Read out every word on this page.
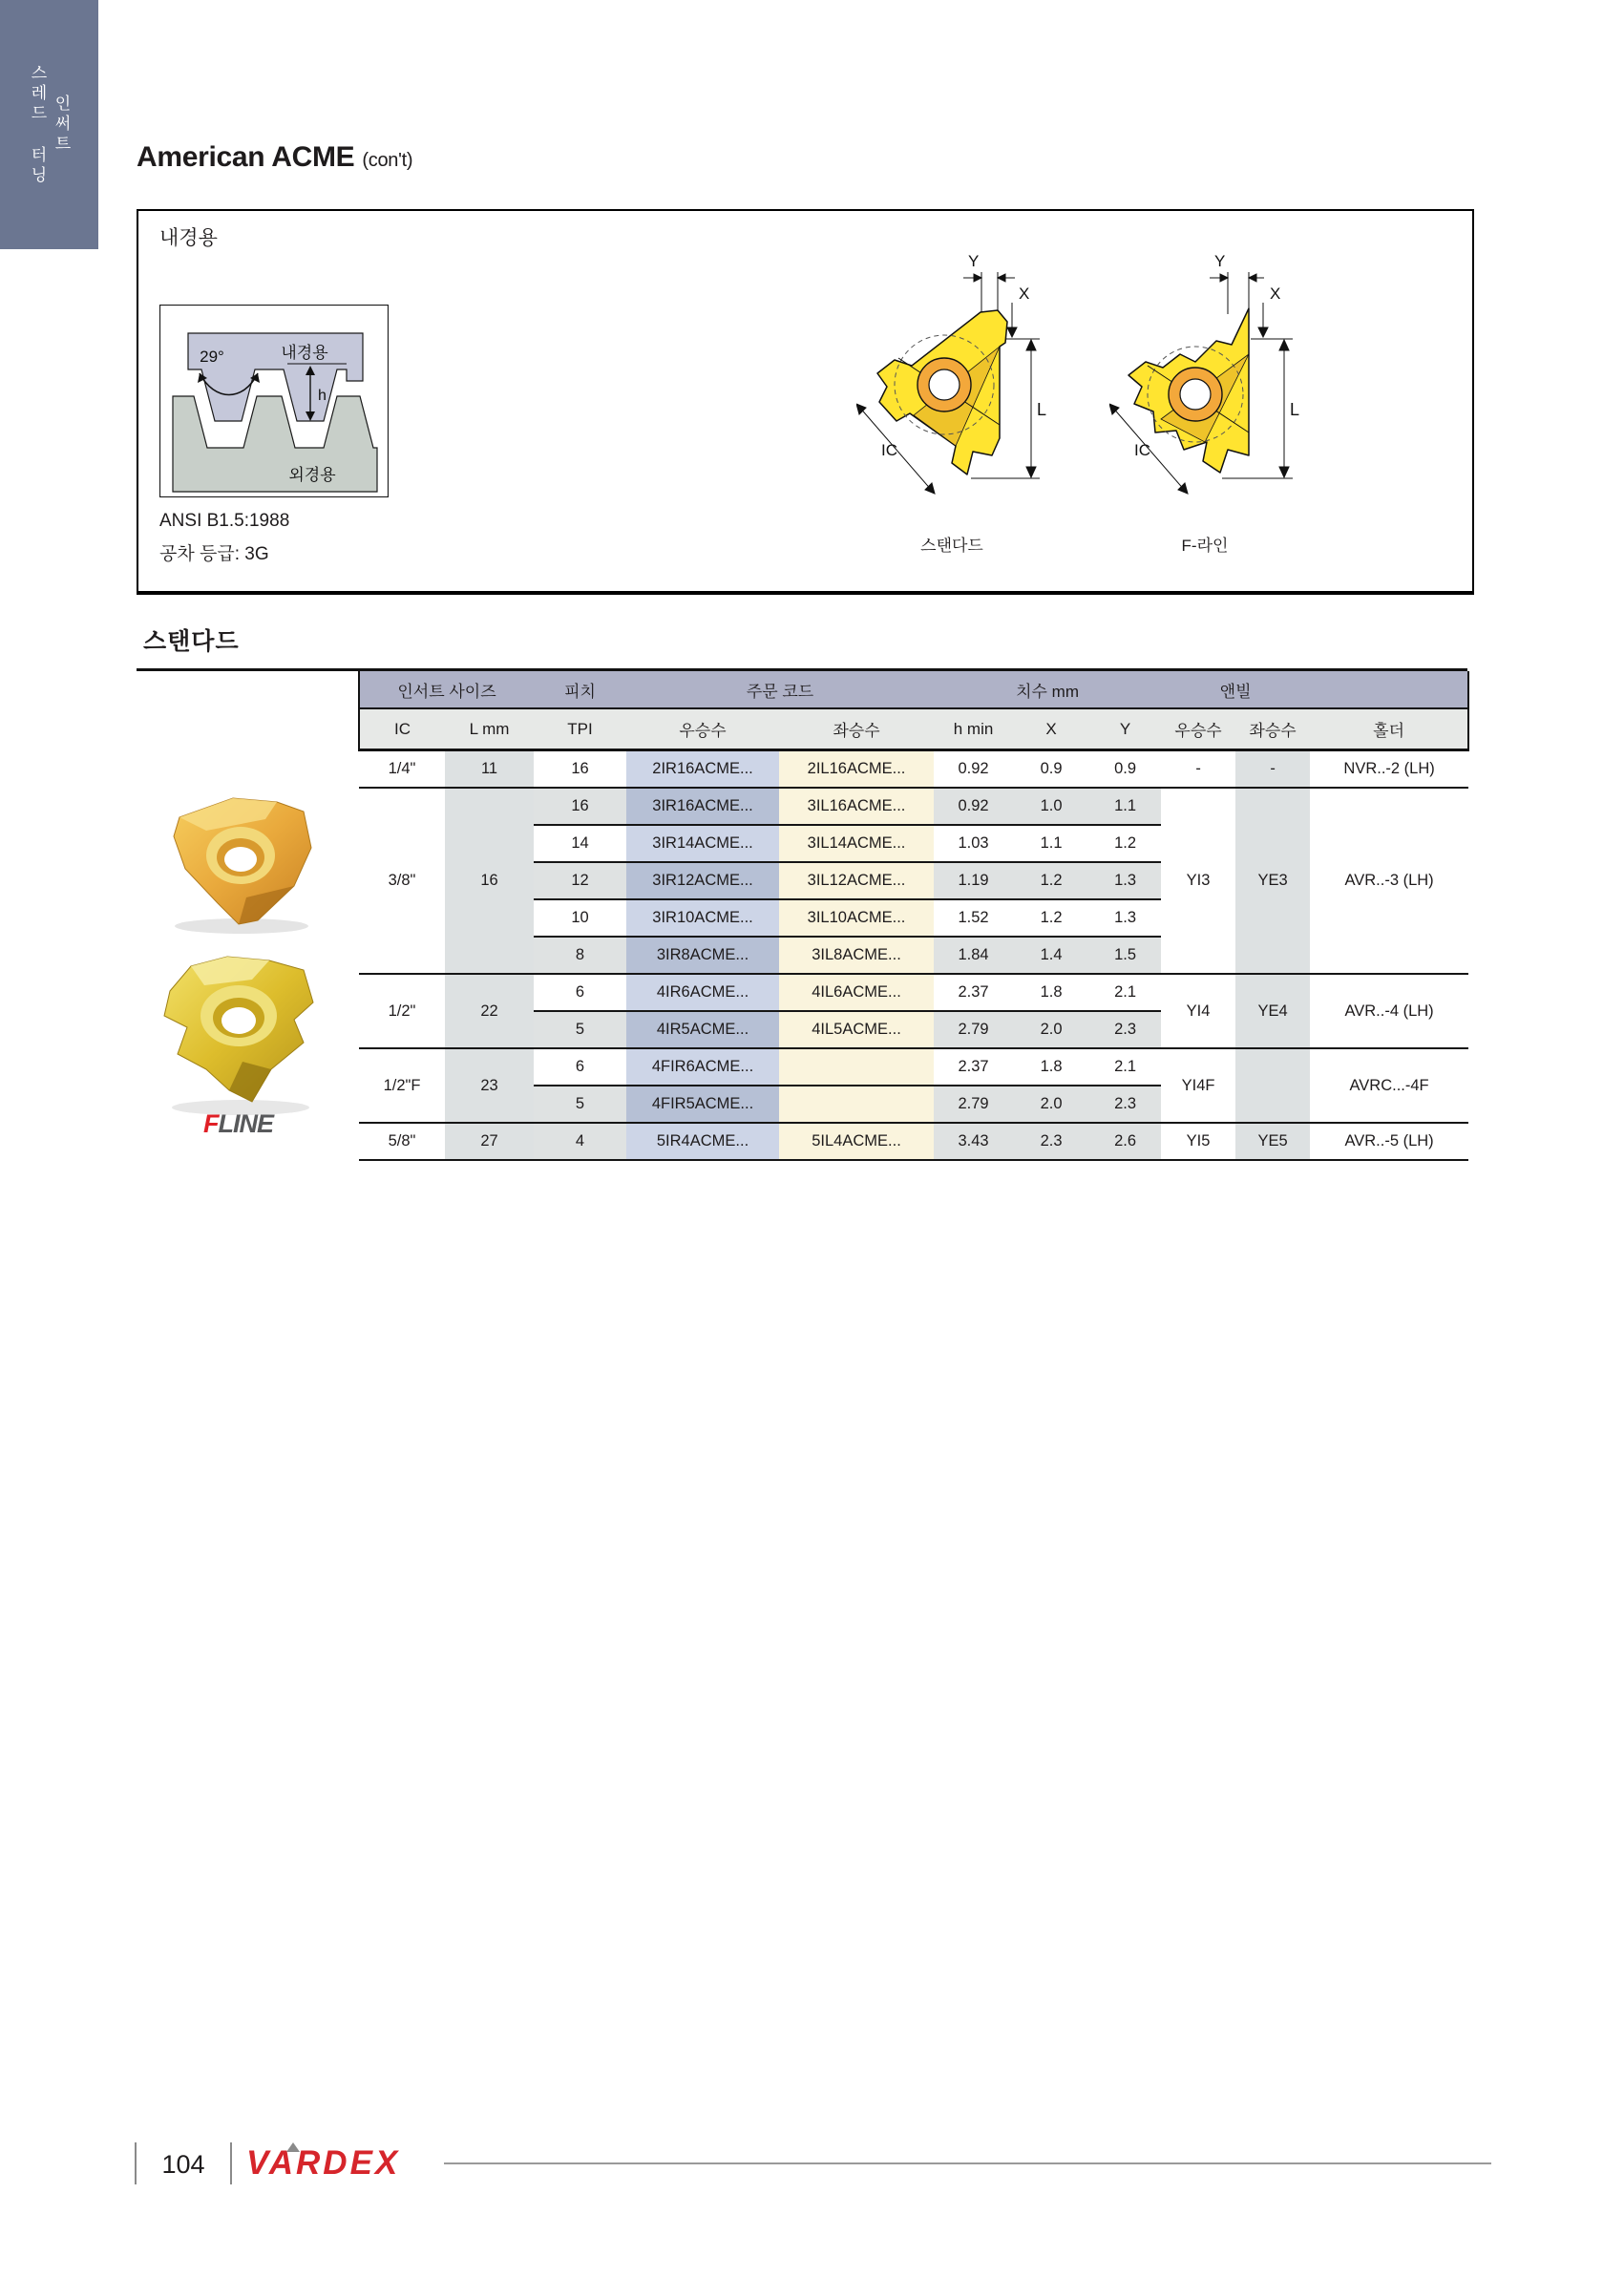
스레드 터닝 인써트
American ACME (con't)
내경용
29°
h
내경용
외경용
ANSI B1.5:1988
공차 등급: 3G
Y
X
L
IC
스탠다드
Y
X
L
IC
F-라인
스탠다드
FLINE
인서트 사이즈		피치	주문 코드		치수 mm			앤빌		
IC	L mm	TPI	우승수	좌승수	h min	X	Y	우승수	좌승수	홀더
1/4"	11	16	2IR16ACME...	2IL16ACME...	0.92	0.9	0.9	-	-	NVR..-2 (LH)
3/8"	16	16	3IR16ACME...	3IL16ACME...	0.92	1.0	1.1	YI3	YE3	AVR..-3 (LH)
		14	3IR14ACME...	3IL14ACME...	1.03	1.1	1.2			
		12	3IR12ACME...	3IL12ACME...	1.19	1.2	1.3			
		10	3IR10ACME...	3IL10ACME...	1.52	1.2	1.3			
		8	3IR8ACME...	3IL8ACME...	1.84	1.4	1.5			
1/2"	22	6	4IR6ACME...	4IL6ACME...	2.37	1.8	2.1	YI4	YE4	AVR..-4 (LH)
		5	4IR5ACME...	4IL5ACME...	2.79	2.0	2.3			
1/2"F	23	6	4FIR6ACME...		2.37	1.8	2.1	YI4F		AVRC...-4F
		5	4FIR5ACME...		2.79	2.0	2.3			
5/8"	27	4	5IR4ACME...	5IL4ACME...	3.43	2.3	2.6	YI5	YE5	AVR..-5 (LH)
104	VARDEX
